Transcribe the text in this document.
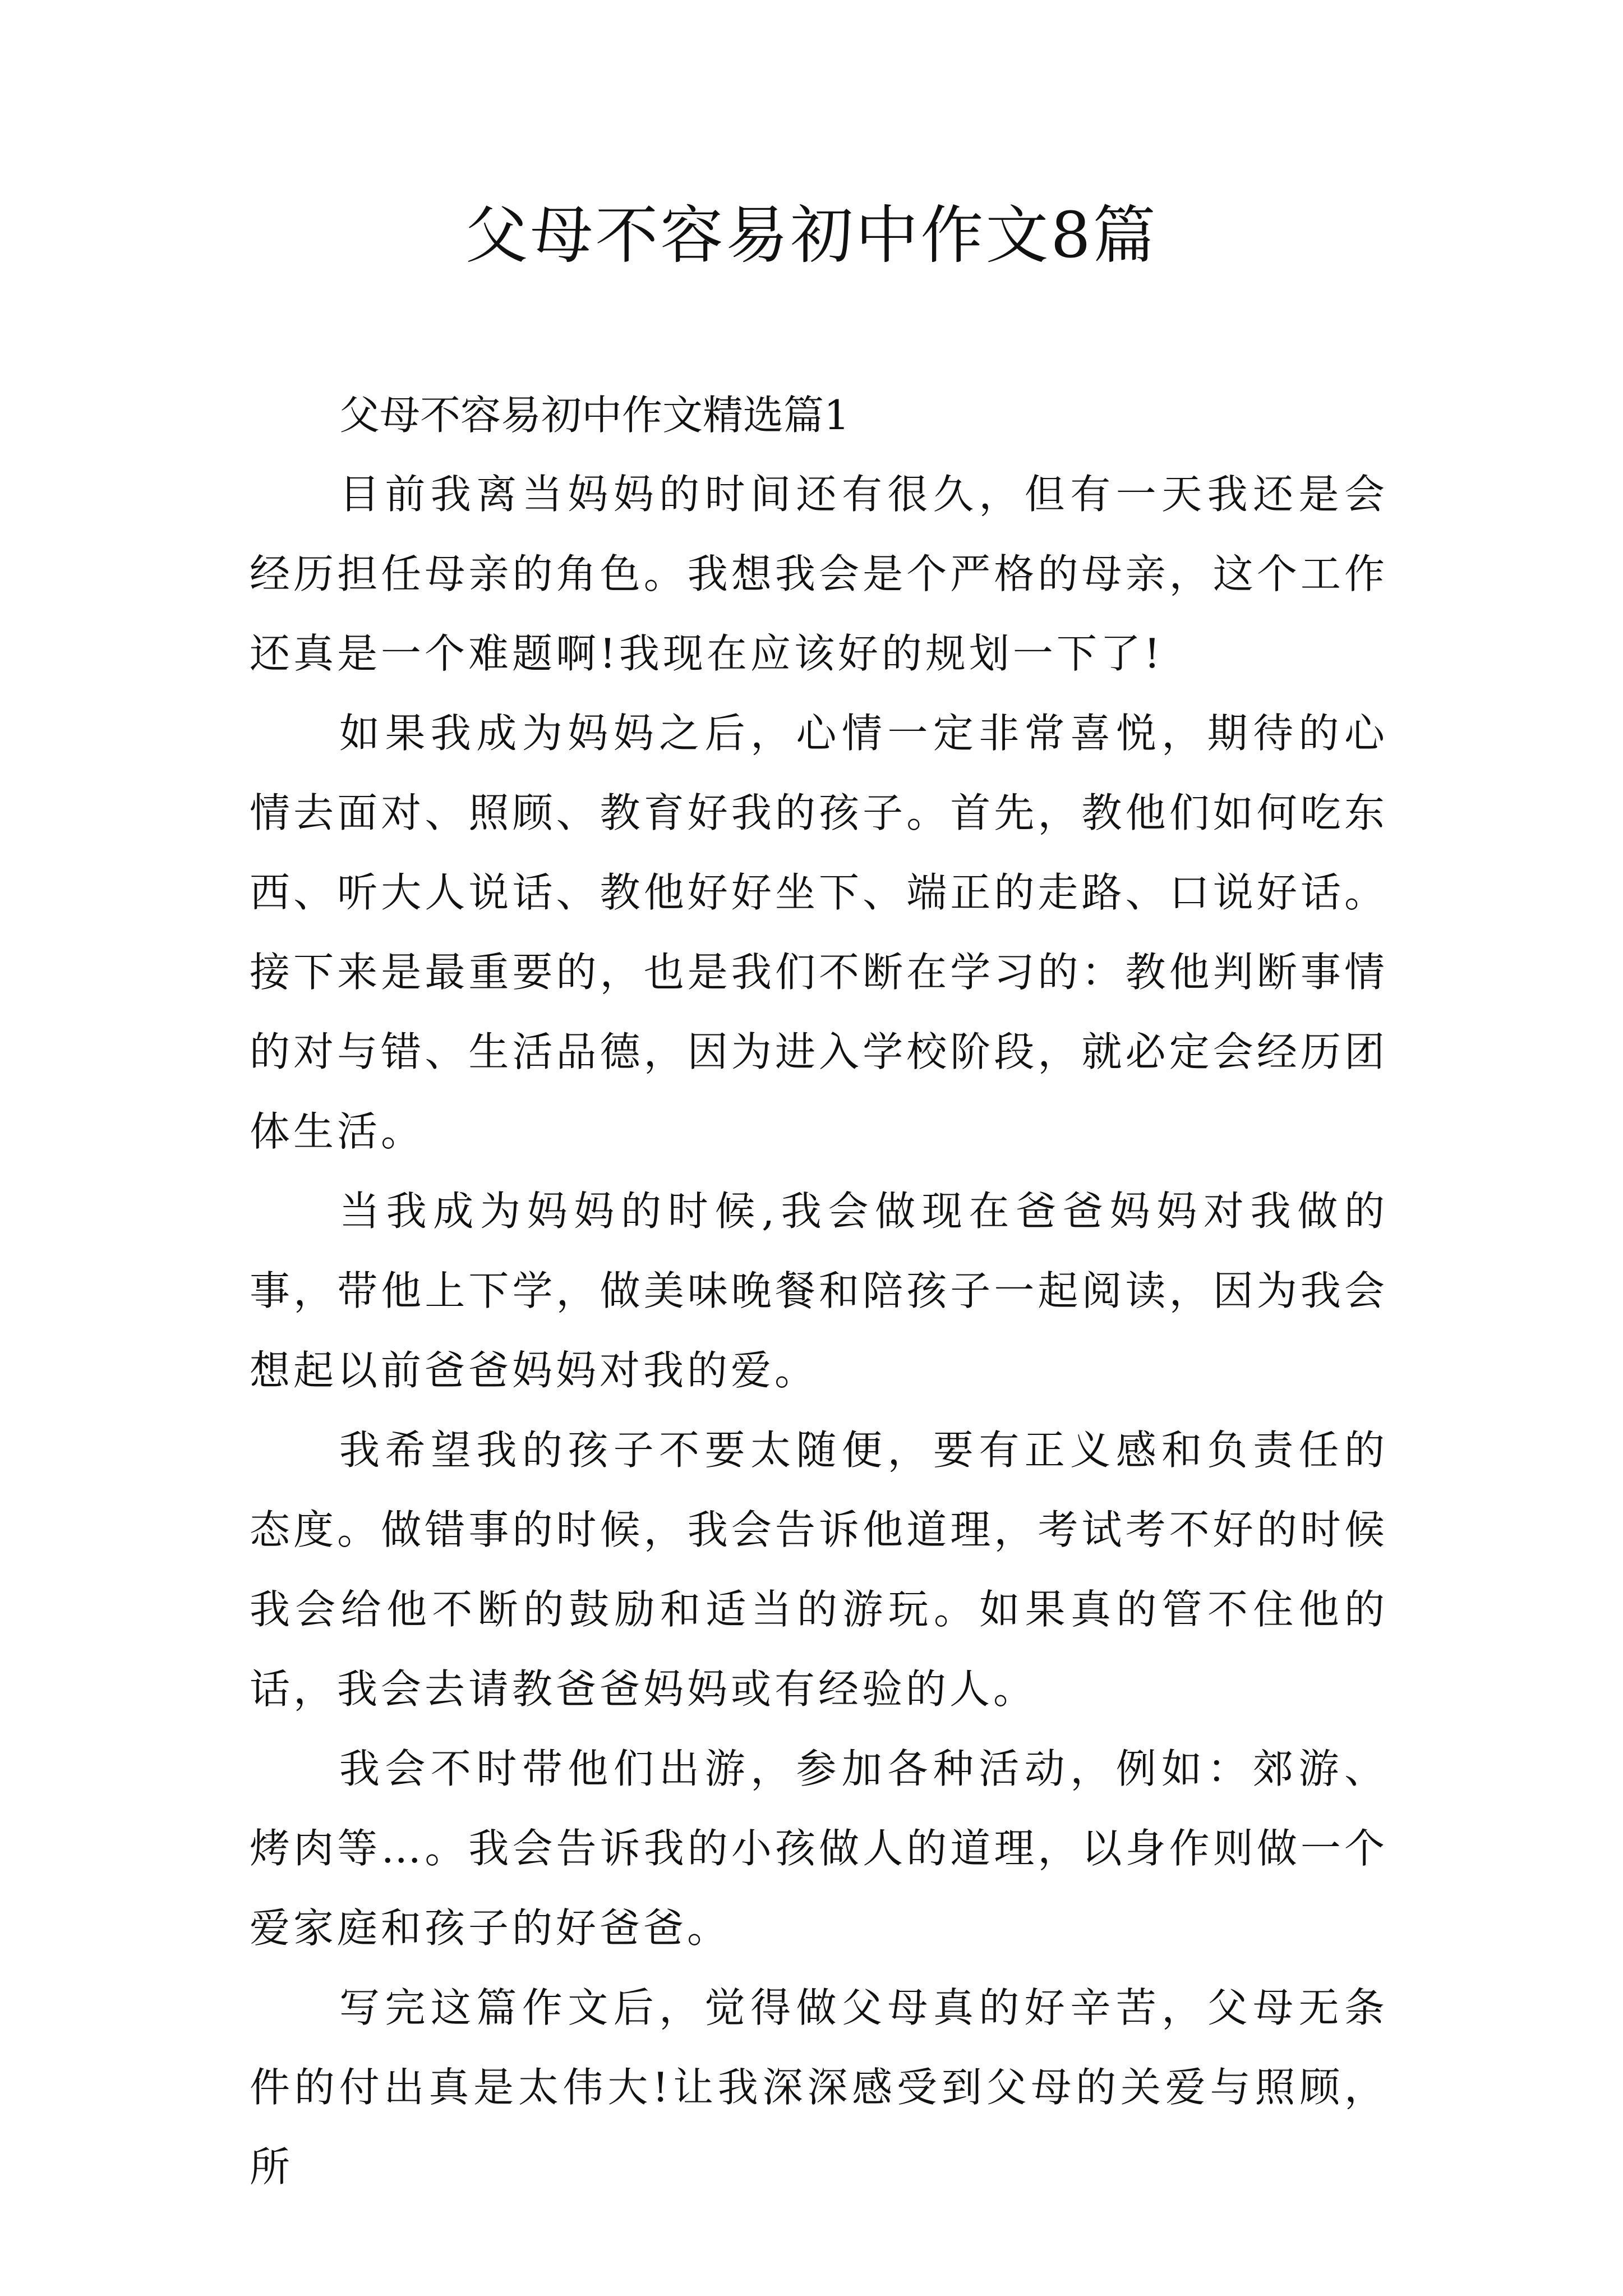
父母不容易初中作文8篇

父母不容易初中作文精选篇1

目前我离当妈妈的时间还有很久，但有一天我还是会经历担任母亲的角色。我想我会是个严格的母亲，这个工作还真是一个难题啊!我现在应该好的规划一下了!

如果我成为妈妈之后，心情一定非常喜悦，期待的心情去面对、照顾、教育好我的孩子。首先，教他们如何吃东西、听大人说话、教他好好坐下、端正的走路、口说好话。接下来是最重要的，也是我们不断在学习的：教他判断事情的对与错、生活品德，因为进入学校阶段，就必定会经历团体生活。

当我成为妈妈的时候,我会做现在爸爸妈妈对我做的事，带他上下学，做美味晚餐和陪孩子一起阅读，因为我会想起以前爸爸妈妈对我的爱。

我希望我的孩子不要太随便，要有正义感和负责任的态度。做错事的时候，我会告诉他道理，考试考不好的时候我会给他不断的鼓励和适当的游玩。如果真的管不住他的话，我会去请教爸爸妈妈或有经验的人。

我会不时带他们出游，参加各种活动，例如：郊游、烤肉等…。我会告诉我的小孩做人的道理，以身作则做一个爱家庭和孩子的好爸爸。

写完这篇作文后，觉得做父母真的好辛苦，父母无条件的付出真是太伟大!让我深深感受到父母的关爱与照顾，所
